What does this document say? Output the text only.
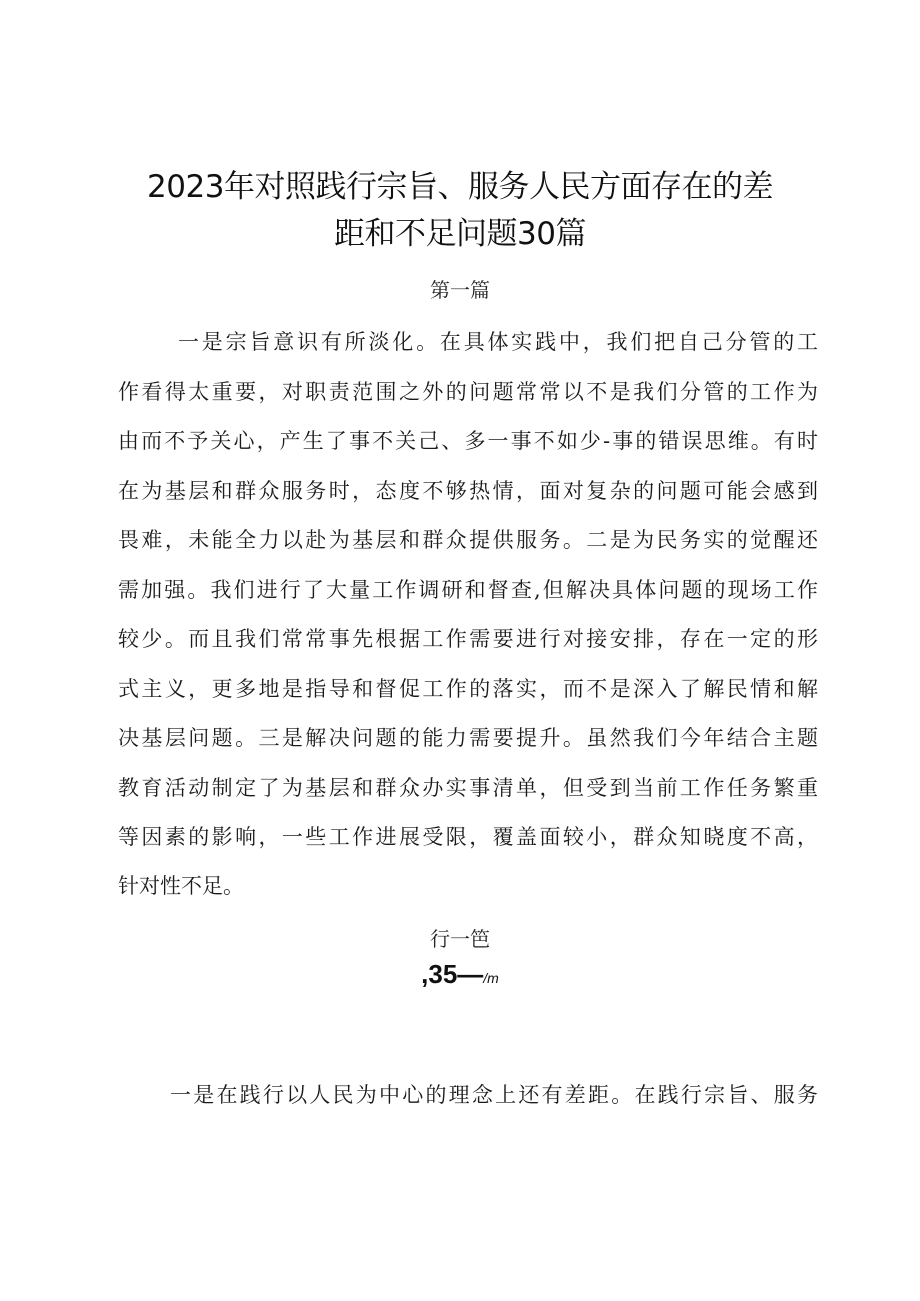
2023年对照践行宗旨、服务人民方面存在的差
距和不足问题30篇
第一篇
一是宗旨意识有所淡化。在具体实践中，我们把自己分管的工
作看得太重要，对职责范围之外的问题常常以不是我们分管的工作为
由而不予关心，产生了事不关己、多一事不如少-事的错误思维。有时
在为基层和群众服务时，态度不够热情，面对复杂的问题可能会感到
畏难，未能全力以赴为基层和群众提供服务。二是为民务实的觉醒还
需加强。我们进行了大量工作调研和督查,但解决具体问题的现场工作
较少。而且我们常常事先根据工作需要进行对接安排，存在一定的形
式主义，更多地是指导和督促工作的落实，而不是深入了解民情和解
决基层问题。三是解决问题的能力需要提升。虽然我们今年结合主题
教育活动制定了为基层和群众办实事清单，但受到当前工作任务繁重
等因素的影响，一些工作进展受限，覆盖面较小，群众知晓度不高，
针对性不足。
行一笆
,35—/m
一是在践行以人民为中心的理念上还有差距。在践行宗旨、服务
